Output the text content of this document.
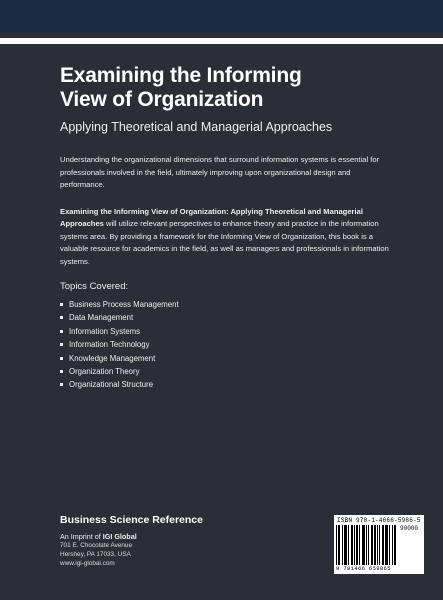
Examining the Informing
View of Organization
Applying Theoretical and Managerial Approaches

Understanding the organizational dimensions that surround information systems is essential for professionals involved in the field, ultimately improving upon organizational design and performance.

Examining the Informing View of Organization: Applying Theoretical and Managerial Approaches will utilize relevant perspectives to enhance theory and practice in the information systems area. By providing a framework for the Informing View of Organization, this book is a valuable resource for academics in the field, as well as managers and professionals in information systems.

Topics Covered:
Business Process Management
Data Management
Information Systems
Information Technology
Knowledge Management
Organization Theory
Organizational Structure
Business Science Reference
An Imprint of IGI Global
701 E. Chocolate Avenue
Hershey, PA 17033, USA
www.igi-global.com
ISBN 978-1-4666-5986-5
90000
9 781466 659865
